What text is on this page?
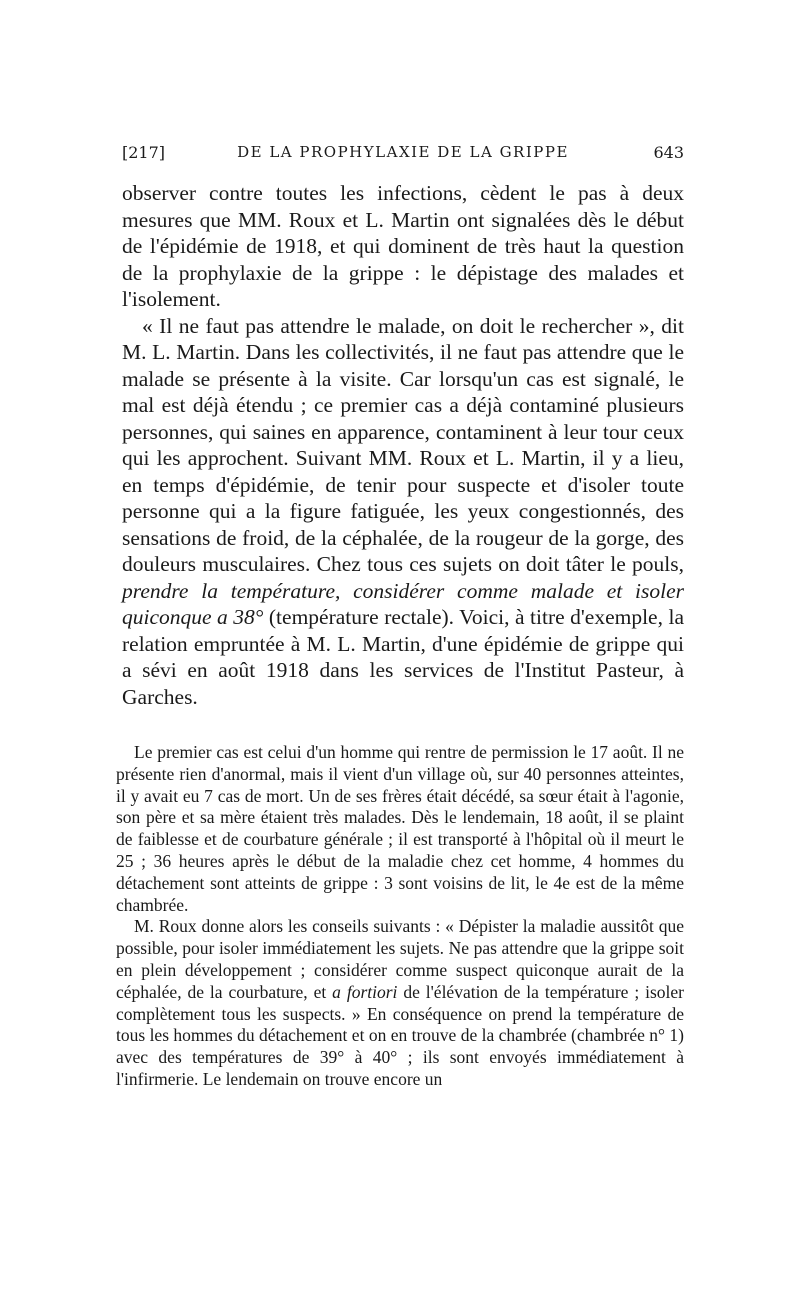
[217]	DE LA PROPHYLAXIE DE LA GRIPPE	643

observer contre toutes les infections, cèdent le pas à deux mesures que MM. Roux et L. Martin ont signalées dès le début de l'épidémie de 1918, et qui dominent de très haut la question de la prophylaxie de la grippe : le dépistage des malades et l'isolement.

« Il ne faut pas attendre le malade, on doit le rechercher », dit M. L. Martin. Dans les collectivités, il ne faut pas attendre que le malade se présente à la visite. Car lorsqu'un cas est signalé, le mal est déjà étendu ; ce premier cas a déjà contaminé plusieurs personnes, qui saines en apparence, contaminent à leur tour ceux qui les approchent. Suivant MM. Roux et L. Martin, il y a lieu, en temps d'épidémie, de tenir pour suspecte et d'isoler toute personne qui a la figure fatiguée, les yeux congestionnés, des sensations de froid, de la céphalée, de la rougeur de la gorge, des douleurs musculaires. Chez tous ces sujets on doit tâter le pouls, prendre la température, considérer comme malade et isoler quiconque a 38° (température rectale). Voici, à titre d'exemple, la relation empruntée à M. L. Martin, d'une épidémie de grippe qui a sévi en août 1918 dans les services de l'Institut Pasteur, à Garches.

Le premier cas est celui d'un homme qui rentre de permission le 17 août. Il ne présente rien d'anormal, mais il vient d'un village où, sur 40 personnes atteintes, il y avait eu 7 cas de mort. Un de ses frères était décédé, sa sœur était à l'agonie, son père et sa mère étaient très malades. Dès le lendemain, 18 août, il se plaint de faiblesse et de courbature générale ; il est transporté à l'hôpital où il meurt le 25 ; 36 heures après le début de la maladie chez cet homme, 4 hommes du détachement sont atteints de grippe : 3 sont voisins de lit, le 4e est de la même chambrée.

M. Roux donne alors les conseils suivants : « Dépister la maladie aussitôt que possible, pour isoler immédiatement les sujets. Ne pas attendre que la grippe soit en plein développement ; considérer comme suspect quiconque aurait de la céphalée, de la courbature, et a fortiori de l'élévation de la température ; isoler complètement tous les suspects. » En conséquence on prend la température de tous les hommes du détachement et on en trouve de la chambrée (chambrée n° 1) avec des températures de 39° à 40° ; ils sont envoyés immédiatement à l'infirmerie. Le lendemain on trouve encore un
